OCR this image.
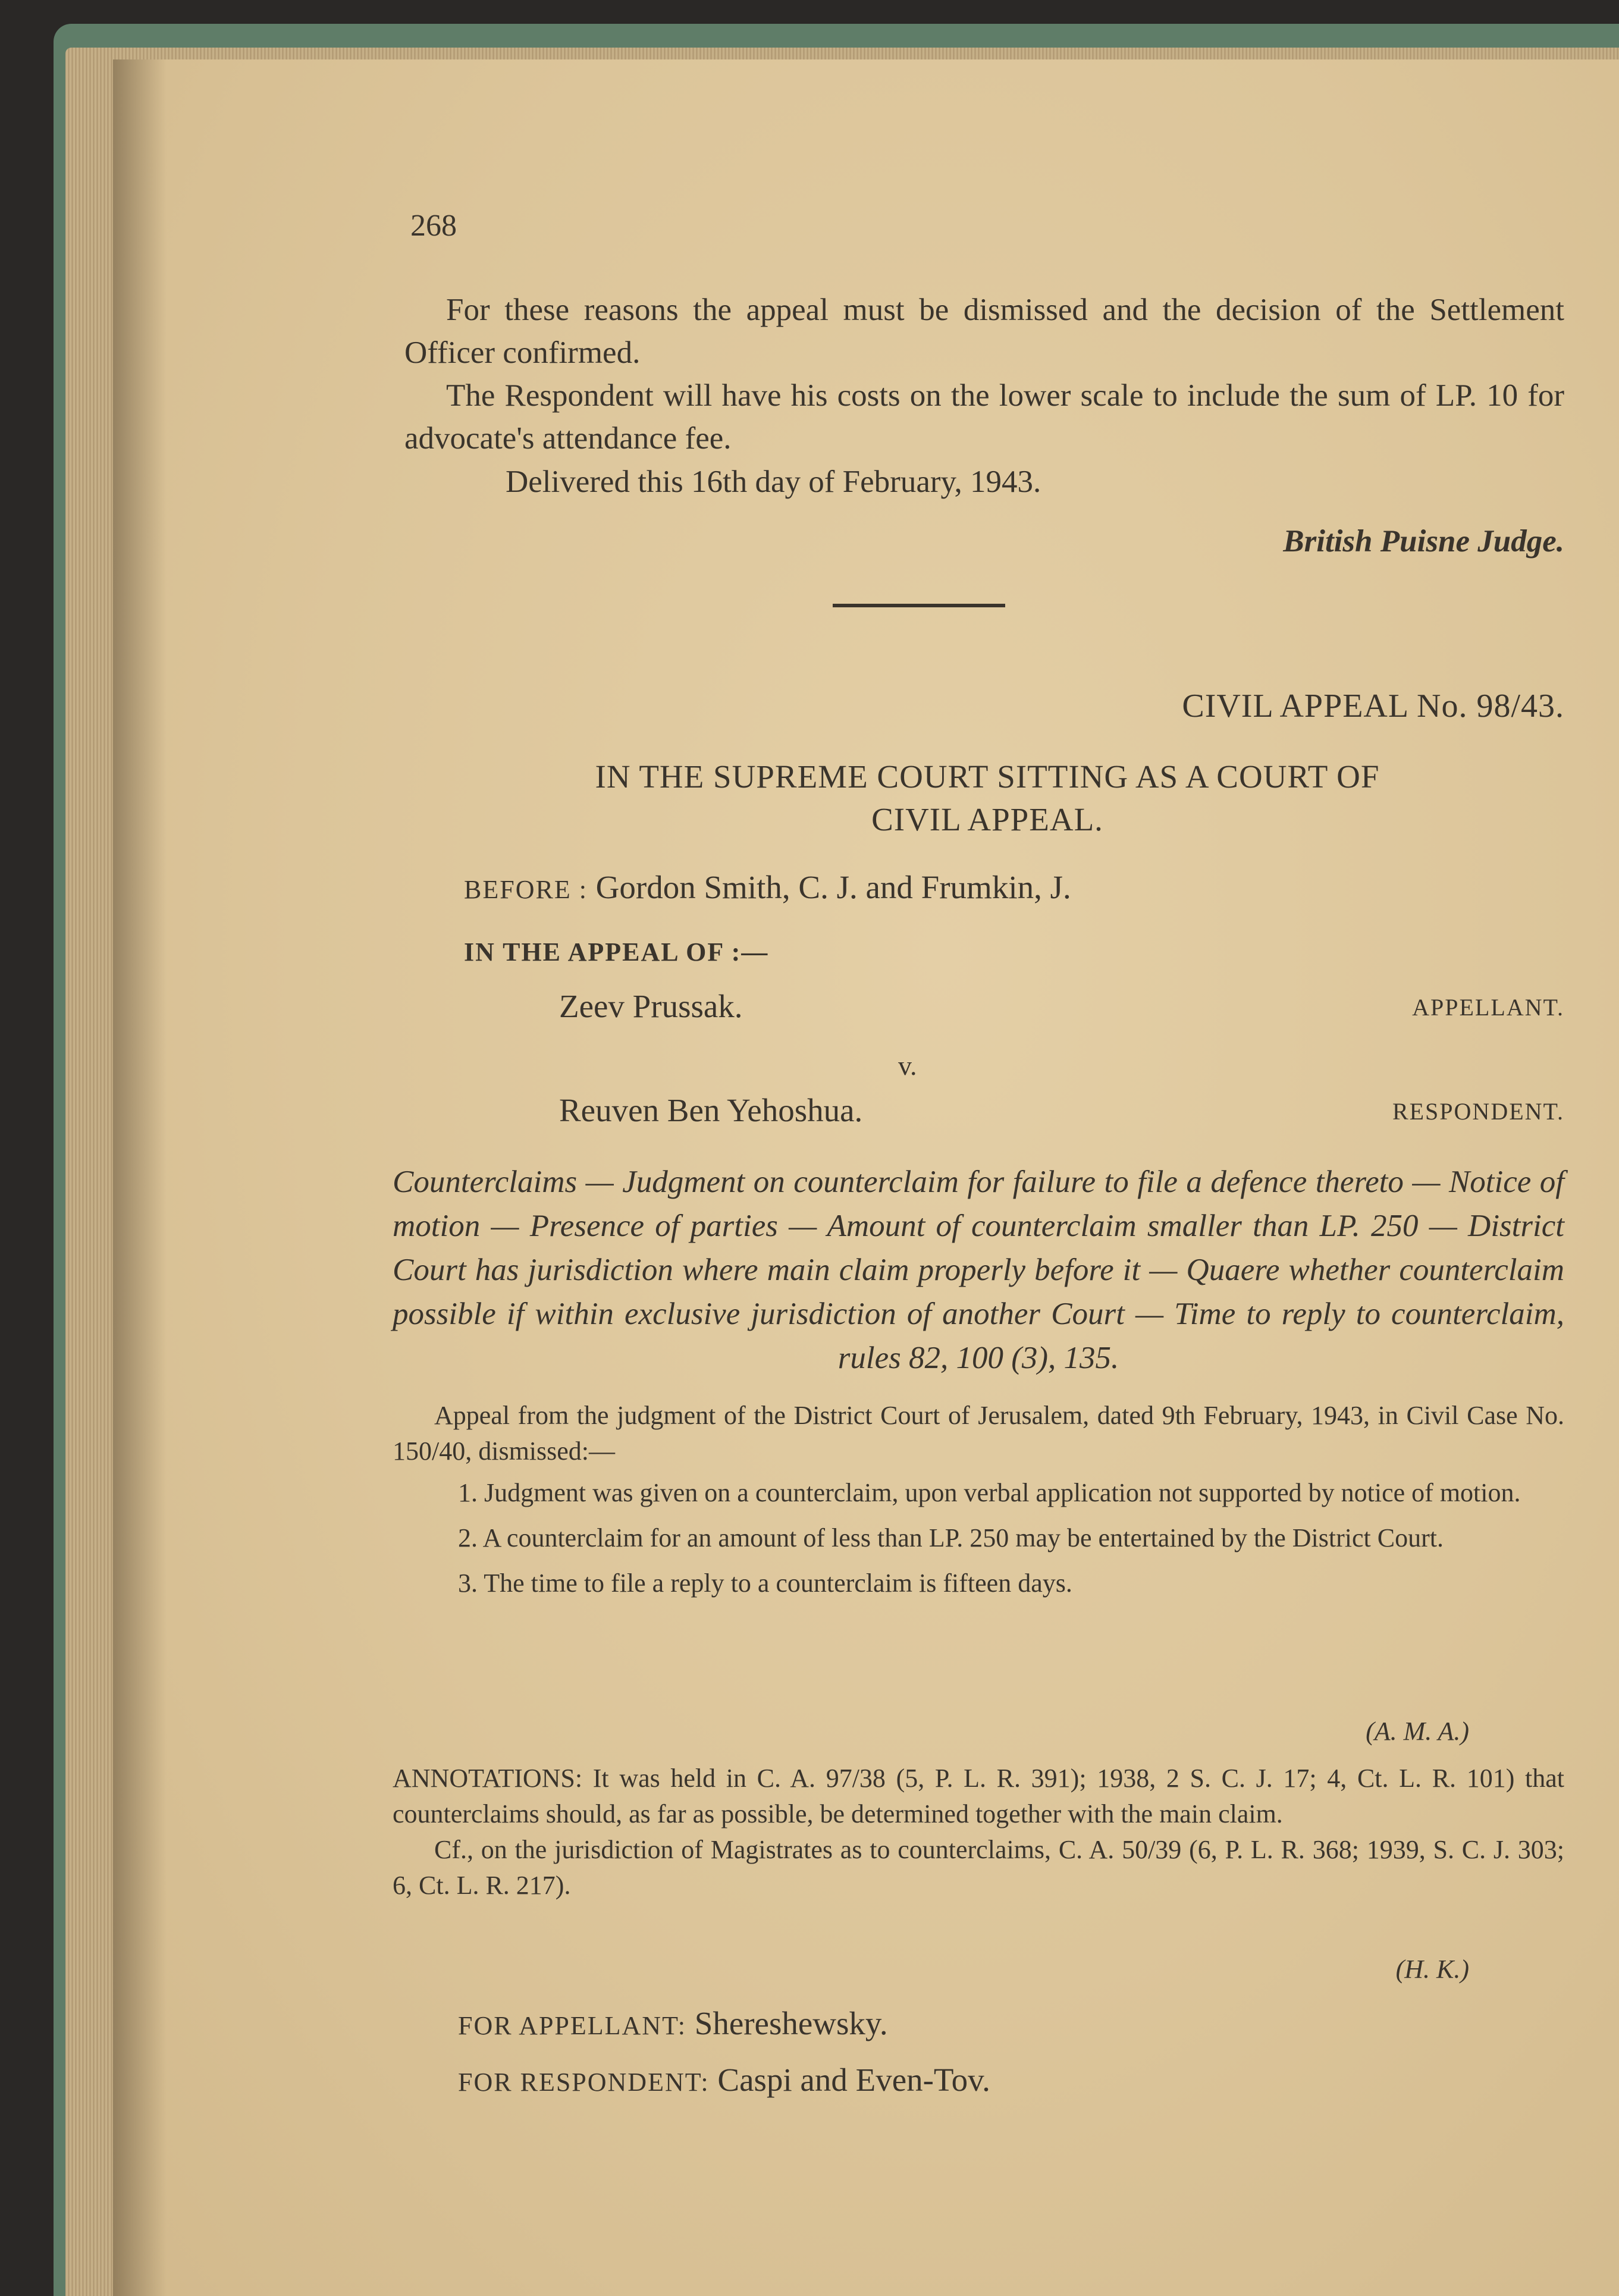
268

For these reasons the appeal must be dismissed and the decision of the Settlement Officer confirmed.

The Respondent will have his costs on the lower scale to include the sum of LP. 10 for advocate's attendance fee.

Delivered this 16th day of February, 1943.
British Puisne Judge.
CIVIL APPEAL No. 98/43.
IN THE SUPREME COURT SITTING AS A COURT OF
CIVIL APPEAL.
BEFORE : Gordon Smith, C. J. and Frumkin, J.
IN THE APPEAL OF :—
Zeev Prussak.	APPELLANT.
v.
Reuven Ben Yehoshua.	RESPONDENT.
Counterclaims — Judgment on counterclaim for failure to file a defence thereto — Notice of motion — Presence of parties — Amount of counterclaim smaller than LP. 250 — District Court has jurisdiction where main claim properly before it — Quaere whether counterclaim possible if within exclusive jurisdiction of another Court — Time to reply to counterclaim, rules 82, 100 (3), 135.

Appeal from the judgment of the District Court of Jerusalem, dated 9th February, 1943, in Civil Case No. 150/40, dismissed:—

1. Judgment was given on a counterclaim, upon verbal application not supported by notice of motion.

2. A counterclaim for an amount of less than LP. 250 may be entertained by the District Court.

3. The time to file a reply to a counterclaim is fifteen days.

(A. M. A.)

ANNOTATIONS: It was held in C. A. 97/38 (5, P. L. R. 391); 1938, 2 S. C. J. 17; 4, Ct. L. R. 101) that counterclaims should, as far as possible, be determined together with the main claim.

Cf., on the jurisdiction of Magistrates as to counterclaims, C. A. 50/39 (6, P. L. R. 368; 1939, S. C. J. 303; 6, Ct. L. R. 217).

(H. K.)
FOR APPELLANT: Shereshewsky.
FOR RESPONDENT: Caspi and Even-Tov.
